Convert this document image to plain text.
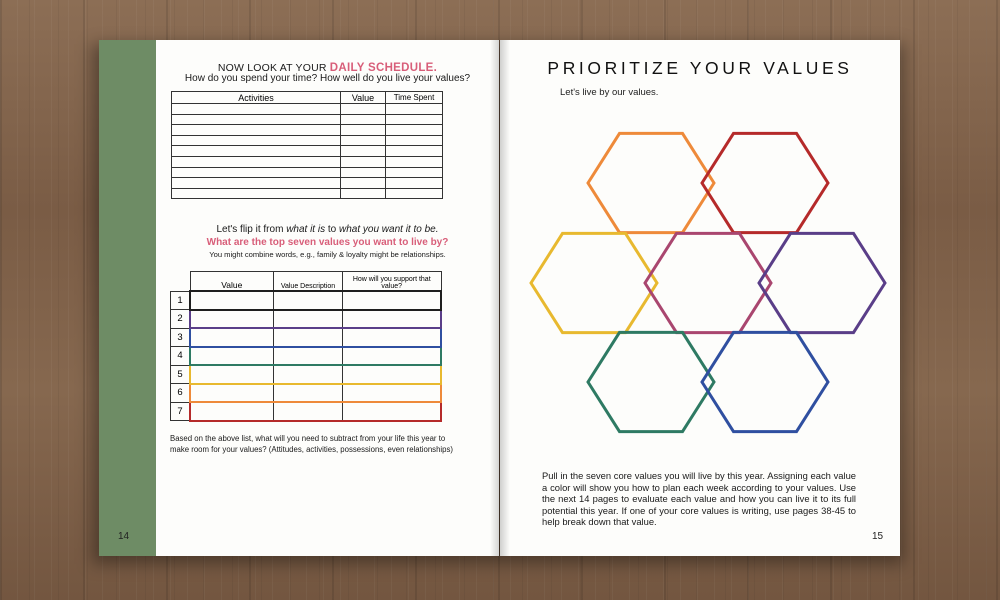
14
NOW LOOK AT YOUR DAILY SCHEDULE.
How do you spend your time? How well do you live your values?
Activities	Value	Time Spent

Let's flip it from what it is to what you want it to be.
What are the top seven values you want to live by?
You might combine words, e.g., family & loyalty might be relationships.
	Value	Value Description	How will you support that value?
1			
2			
3			
4			
5			
6			
7			
Based on the above list, what will you need to subtract from your life this year to make room for your values? (Attitudes, activities, possessions, even relationships)
PRIORITIZE YOUR VALUES
Let's live by our values.
Pull in the seven core values you will live by this year. Assigning each value a color will show you how to plan each week according to your values. Use the next 14 pages to evaluate each value and how you can live it to its full potential this year. If one of your core values is writing, use pages 38-45 to help break down that value.
15
